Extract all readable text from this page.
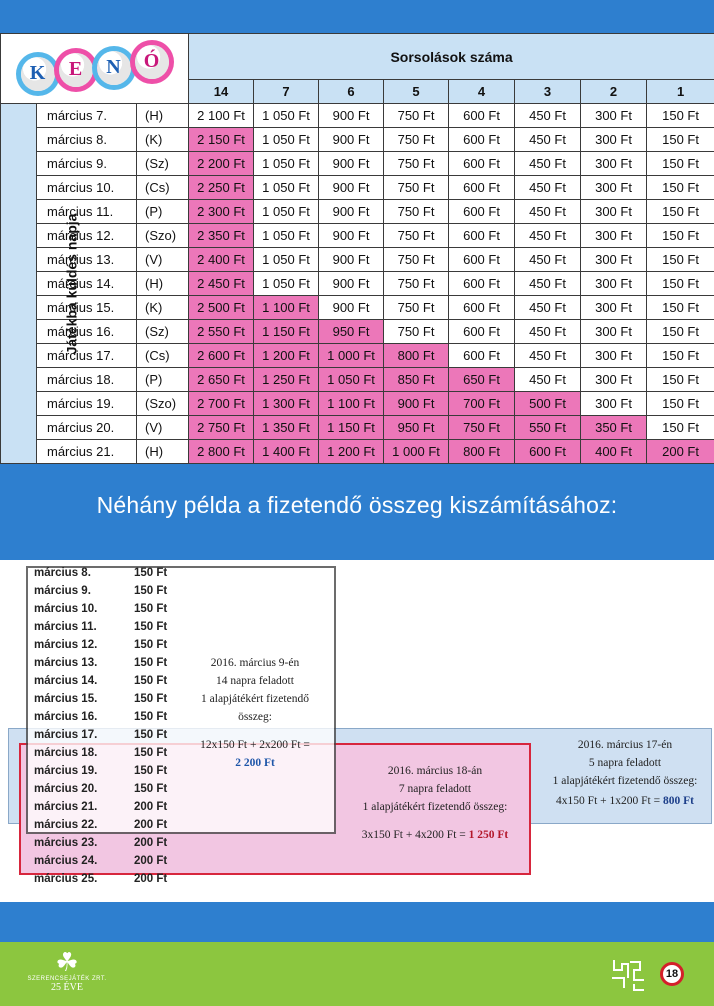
K E N Ó			Sorsolások száma							
			14	7	6	5	4	3	2	1
Játékba küldés napja	március 7.	(H)	2 100 Ft	1 050 Ft	900 Ft	750 Ft	600 Ft	450 Ft	300 Ft	150 Ft
	március 8.	(K)	2 150 Ft	1 050 Ft	900 Ft	750 Ft	600 Ft	450 Ft	300 Ft	150 Ft
	március 9.	(Sz)	2 200 Ft	1 050 Ft	900 Ft	750 Ft	600 Ft	450 Ft	300 Ft	150 Ft
	március 10.	(Cs)	2 250 Ft	1 050 Ft	900 Ft	750 Ft	600 Ft	450 Ft	300 Ft	150 Ft
	március 11.	(P)	2 300 Ft	1 050 Ft	900 Ft	750 Ft	600 Ft	450 Ft	300 Ft	150 Ft
	március 12.	(Szo)	2 350 Ft	1 050 Ft	900 Ft	750 Ft	600 Ft	450 Ft	300 Ft	150 Ft
	március 13.	(V)	2 400 Ft	1 050 Ft	900 Ft	750 Ft	600 Ft	450 Ft	300 Ft	150 Ft
	március 14.	(H)	2 450 Ft	1 050 Ft	900 Ft	750 Ft	600 Ft	450 Ft	300 Ft	150 Ft
	március 15.	(K)	2 500 Ft	1 100 Ft	900 Ft	750 Ft	600 Ft	450 Ft	300 Ft	150 Ft
	március 16.	(Sz)	2 550 Ft	1 150 Ft	950 Ft	750 Ft	600 Ft	450 Ft	300 Ft	150 Ft
	március 17.	(Cs)	2 600 Ft	1 200 Ft	1 000 Ft	800 Ft	600 Ft	450 Ft	300 Ft	150 Ft
	március 18.	(P)	2 650 Ft	1 250 Ft	1 050 Ft	850 Ft	650 Ft	450 Ft	300 Ft	150 Ft
	március 19.	(Szo)	2 700 Ft	1 300 Ft	1 100 Ft	900 Ft	700 Ft	500 Ft	300 Ft	150 Ft
	március 20.	(V)	2 750 Ft	1 350 Ft	1 150 Ft	950 Ft	750 Ft	550 Ft	350 Ft	150 Ft
	március 21.	(H)	2 800 Ft	1 400 Ft	1 200 Ft	1 000 Ft	800 Ft	600 Ft	400 Ft	200 Ft
Néhány példa a fizetendő összeg kiszámításához:
március 8.	150 Ft
március 9.	150 Ft
március 10.	150 Ft
március 11.	150 Ft
március 12.	150 Ft
március 13.	150 Ft
március 14.	150 Ft
március 15.	150 Ft
március 16.	150 Ft
március 17.	150 Ft
március 18.	150 Ft
március 19.	150 Ft
március 20.	150 Ft
március 21.	200 Ft
március 22.	200 Ft
március 23.	200 Ft
március 24.	200 Ft
március 25.	200 Ft
2016. március 9-én
14 napra feladott
1 alapjátékért fizetendő
összeg:
12x150 Ft + 2x200 Ft =
2 200 Ft
2016. március 18-án
7 napra feladott
1 alapjátékért fizetendő összeg:
3x150 Ft + 4x200 Ft = 1 250 Ft
2016. március 17-én
5 napra feladott
1 alapjátékért fizetendő összeg:
4x150 Ft + 1x200 Ft = 800 Ft
☘
SZERENCSEJÁTÉK ZRT.
25 ÉVE
18
